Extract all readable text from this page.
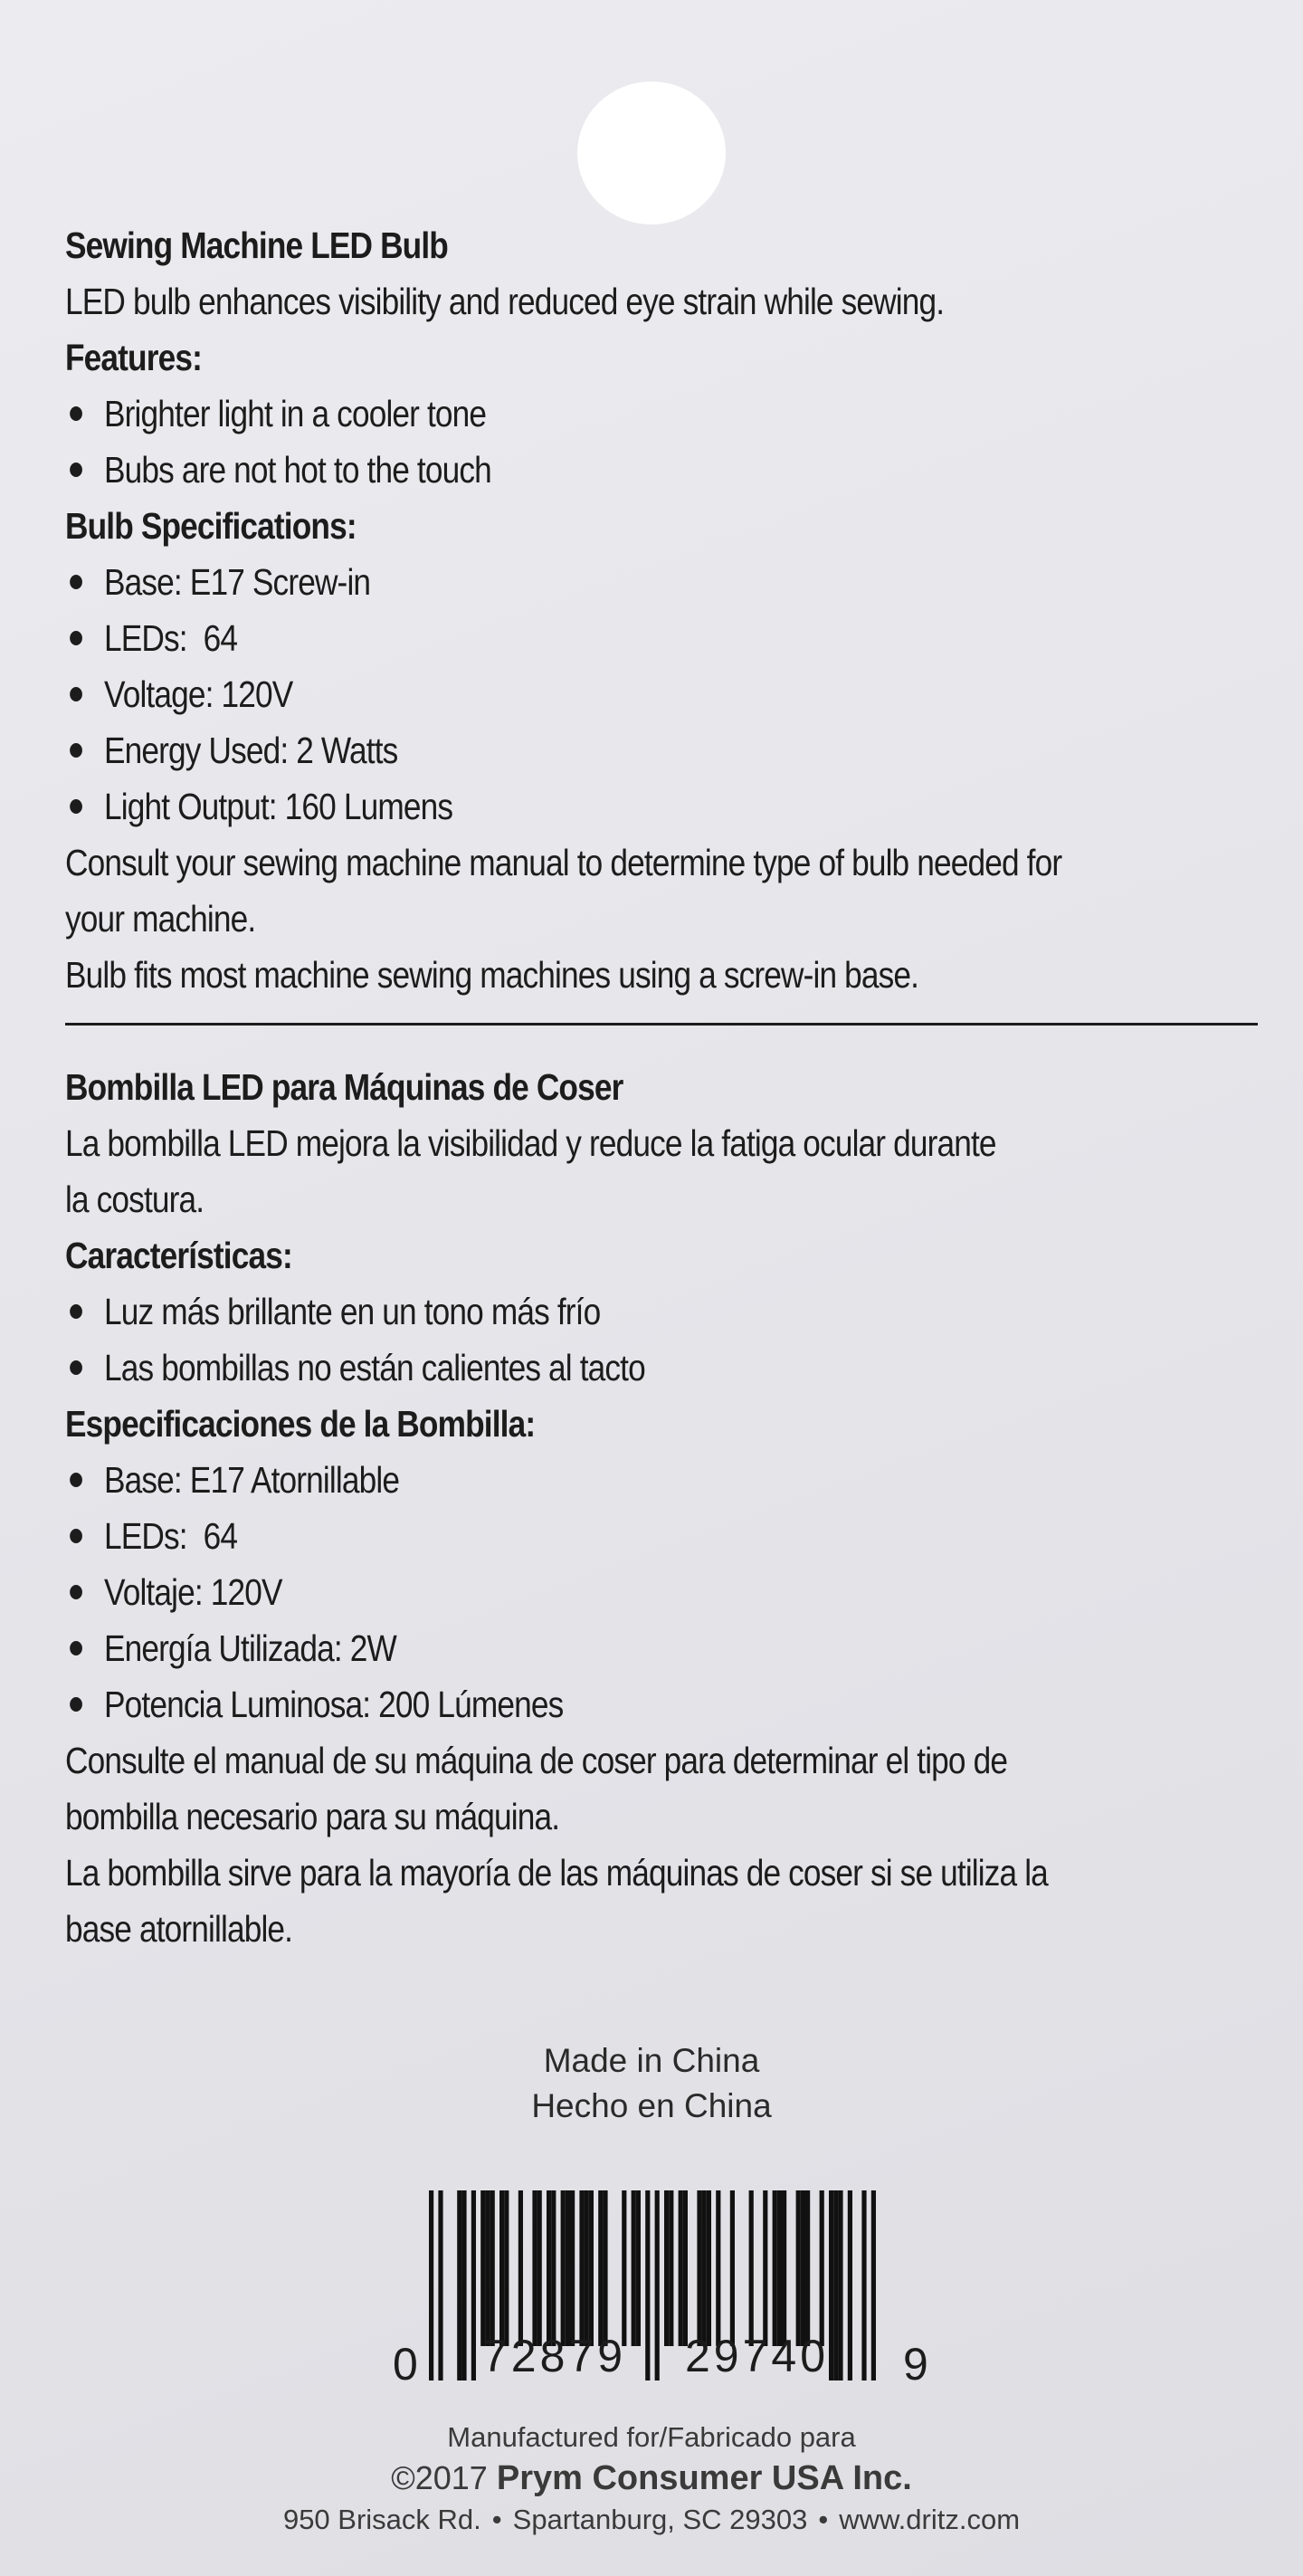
Sewing Machine LED Bulb
LED bulb enhances visibility and reduced eye strain while sewing.
Features:
Brighter light in a cooler tone
Bubs are not hot to the touch
Bulb Specifications:
Base: E17 Screw-in
LEDs:  64
Voltage: 120V
Energy Used: 2 Watts
Light Output: 160 Lumens
Consult your sewing machine manual to determine type of bulb needed for
your machine.
Bulb fits most machine sewing machines using a screw-in base.
Bombilla LED para Máquinas de Coser
La bombilla LED mejora la visibilidad y reduce la fatiga ocular durante
la costura.
Características:
Luz más brillante en un tono más frío
Las bombillas no están calientes al tacto
Especificaciones de la Bombilla:
Base: E17 Atornillable
LEDs:  64
Voltaje: 120V
Energía Utilizada: 2W
Potencia Luminosa: 200 Lúmenes
Consulte el manual de su máquina de coser para determinar el tipo de
bombilla necesario para su máquina.
La bombilla sirve para la mayoría de las máquinas de coser si se utiliza la
base atornillable.
Made in China
Hecho en China
0 72879 29740 9
Manufactured for/Fabricado para
©2017 Prym Consumer USA Inc.
950 Brisack Rd. • Spartanburg, SC 29303 • www.dritz.com
